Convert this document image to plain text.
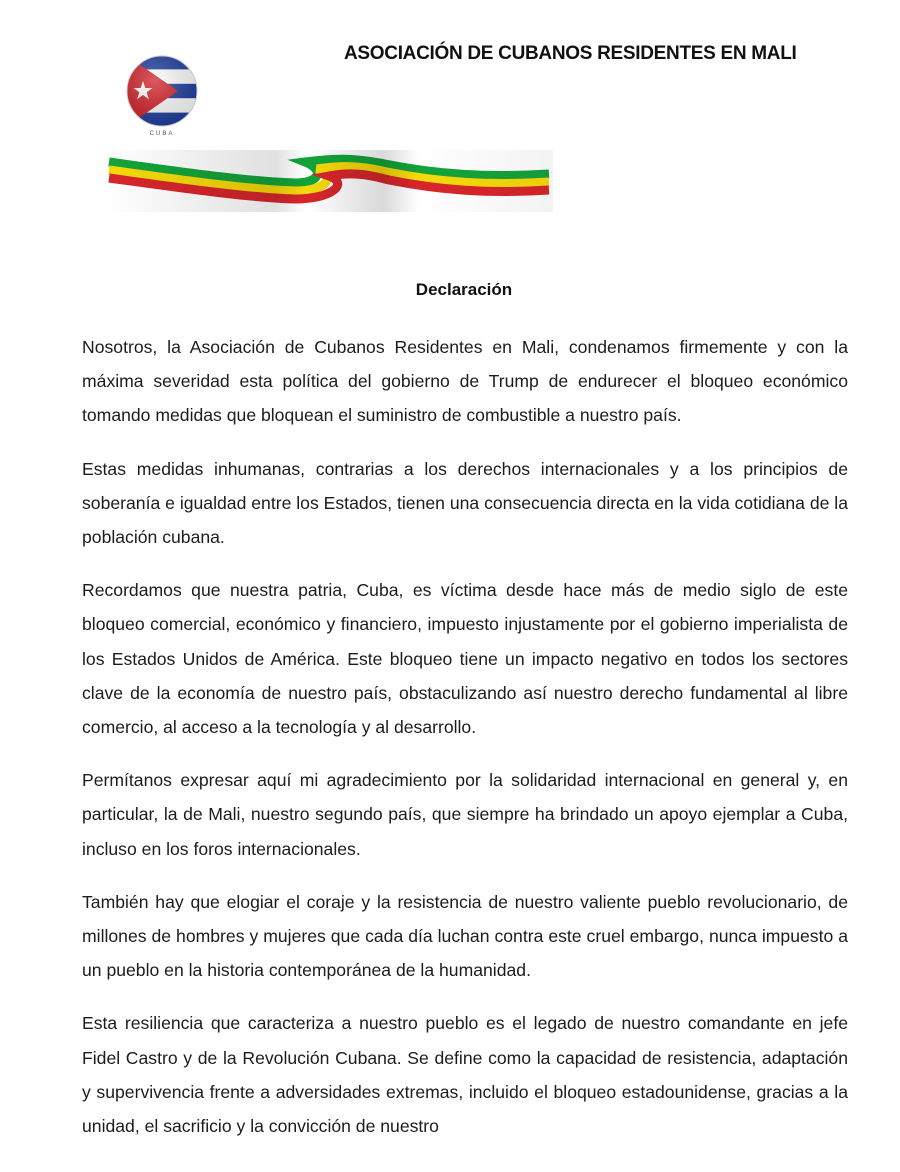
CUBA
ASOCIACIÓN DE CUBANOS RESIDENTES EN MALI
Declaración

Nosotros, la Asociación de Cubanos Residentes en Mali, condenamos firmemente y con la máxima severidad esta política del gobierno de Trump de endurecer el bloqueo económico tomando medidas que bloquean el suministro de combustible a nuestro país.

Estas medidas inhumanas, contrarias a los derechos internacionales y a los principios de soberanía e igualdad entre los Estados, tienen una consecuencia directa en la vida cotidiana de la población cubana.

Recordamos que nuestra patria, Cuba, es víctima desde hace más de medio siglo de este bloqueo comercial, económico y financiero, impuesto injustamente por el gobierno imperialista de los Estados Unidos de América. Este bloqueo tiene un impacto negativo en todos los sectores clave de la economía de nuestro país, obstaculizando así nuestro derecho fundamental al libre comercio, al acceso a la tecnología y al desarrollo.

Permítanos expresar aquí mi agradecimiento por la solidaridad internacional en general y, en particular, la de Mali, nuestro segundo país, que siempre ha brindado un apoyo ejemplar a Cuba, incluso en los foros internacionales.

También hay que elogiar el coraje y la resistencia de nuestro valiente pueblo revolucionario, de millones de hombres y mujeres que cada día luchan contra este cruel embargo, nunca impuesto a un pueblo en la historia contemporánea de la humanidad.

Esta resiliencia que caracteriza a nuestro pueblo es el legado de nuestro comandante en jefe Fidel Castro y de la Revolución Cubana. Se define como la capacidad de resistencia, adaptación y supervivencia frente a adversidades extremas, incluido el bloqueo estadounidense, gracias a la unidad, el sacrificio y la convicción de nuestro
